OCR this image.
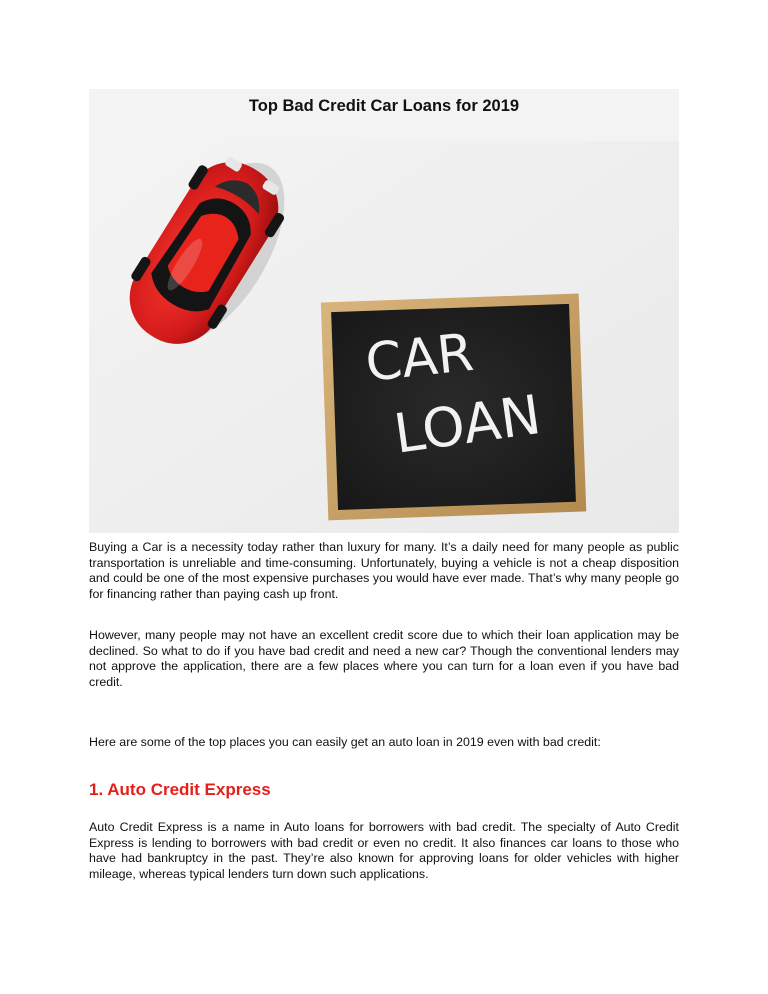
Top Bad Credit Car Loans for 2019
CAR
LOAN

Buying a Car is a necessity today rather than luxury for many. It’s a daily need for many people as public transportation is unreliable and time-consuming. Unfortunately, buying a vehicle is not a cheap disposition and could be one of the most expensive purchases you would have ever made. That’s why many people go for financing rather than paying cash up front.

However, many people may not have an excellent credit score due to which their loan application may be declined. So what to do if you have bad credit and need a new car? Though the conventional lenders may not approve the application, there are a few places where you can turn for a loan even if you have bad credit.

Here are some of the top places you can easily get an auto loan in 2019 even with bad credit:

1. Auto Credit Express

Auto Credit Express is a name in Auto loans for borrowers with bad credit. The specialty of Auto Credit Express is lending to borrowers with bad credit or even no credit. It also finances car loans to those who have had bankruptcy in the past. They’re also known for approving loans for older vehicles with higher mileage, whereas typical lenders turn down such applications.
